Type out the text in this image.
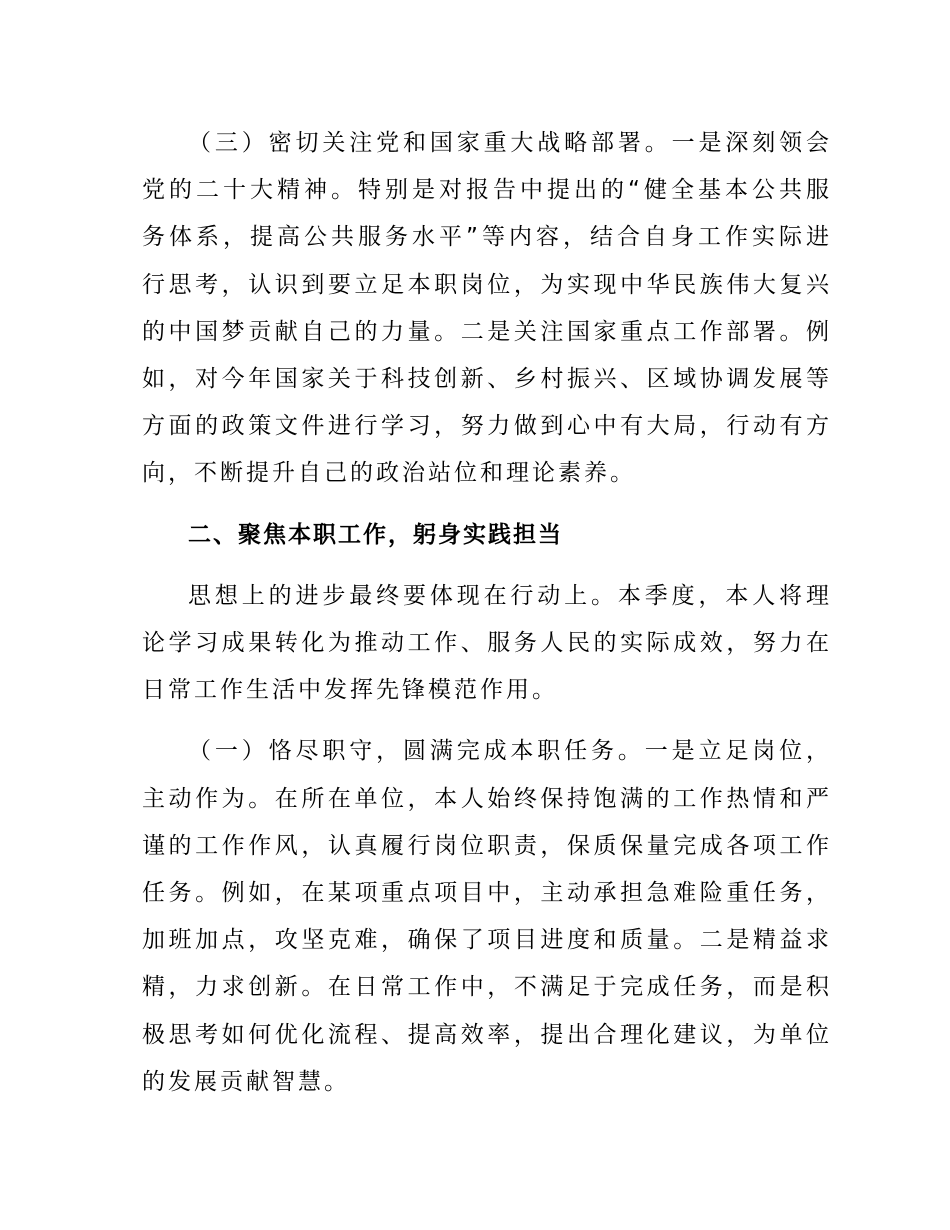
（三）密切关注党和国家重大战略部署。一是深刻领会党的二十大精神。特别是对报告中提出的“健全基本公共服务体系，提高公共服务水平”等内容，结合自身工作实际进行思考，认识到要立足本职岗位，为实现中华民族伟大复兴的中国梦贡献自己的力量。二是关注国家重点工作部署。例如，对今年国家关于科技创新、乡村振兴、区域协调发展等方面的政策文件进行学习，努力做到心中有大局，行动有方向，不断提升自己的政治站位和理论素养。

二、聚焦本职工作，躬身实践担当

思想上的进步最终要体现在行动上。本季度，本人将理论学习成果转化为推动工作、服务人民的实际成效，努力在日常工作生活中发挥先锋模范作用。

（一）恪尽职守，圆满完成本职任务。一是立足岗位，主动作为。在所在单位，本人始终保持饱满的工作热情和严谨的工作作风，认真履行岗位职责，保质保量完成各项工作任务。例如，在某项重点项目中，主动承担急难险重任务，加班加点，攻坚克难，确保了项目进度和质量。二是精益求精，力求创新。在日常工作中，不满足于完成任务，而是积极思考如何优化流程、提高效率，提出合理化建议，为单位的发展贡献智慧。
